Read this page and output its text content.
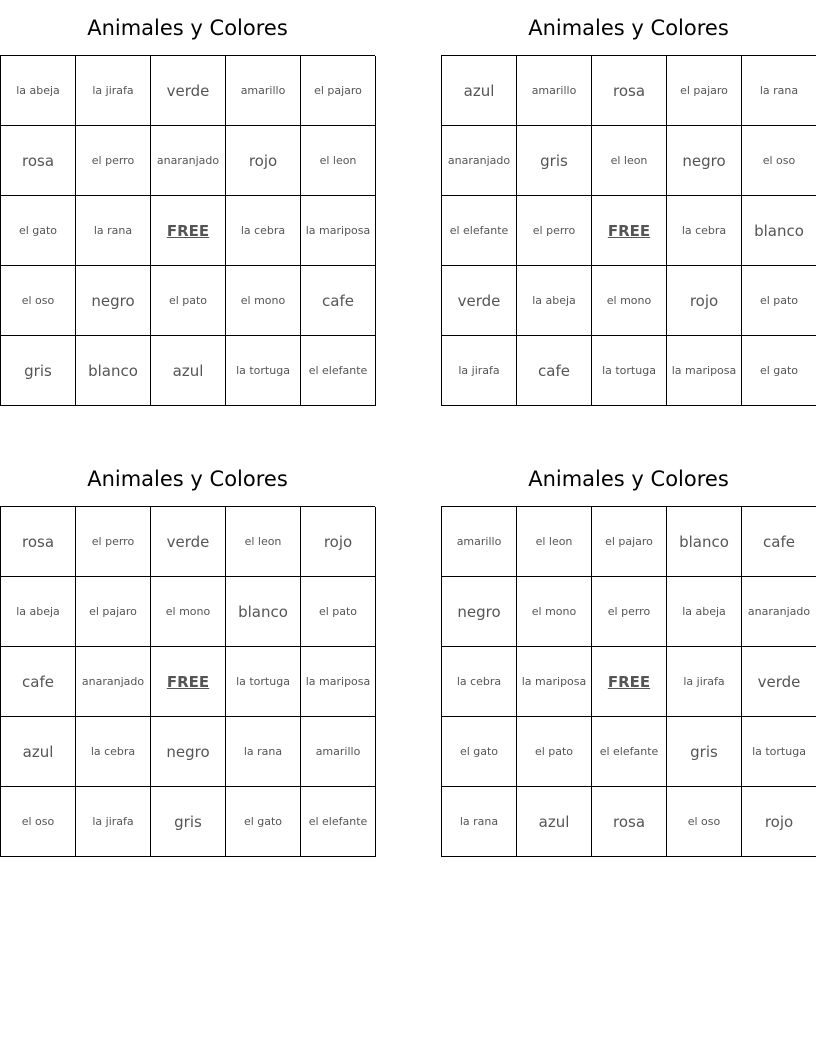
Animales y Colores
la abeja	la jirafa	verde	amarillo	el pajaro
rosa	el perro	anaranjado	rojo	el leon
el gato	la rana	FREE	la cebra	la mariposa
el oso	negro	el pato	el mono	cafe
gris	blanco	azul	la tortuga	el elefante
Animales y Colores
azul	amarillo	rosa	el pajaro	la rana
anaranjado	gris	el leon	negro	el oso
el elefante	el perro	FREE	la cebra	blanco
verde	la abeja	el mono	rojo	el pato
la jirafa	cafe	la tortuga	la mariposa	el gato
Animales y Colores
rosa	el perro	verde	el leon	rojo
la abeja	el pajaro	el mono	blanco	el pato
cafe	anaranjado	FREE	la tortuga	la mariposa
azul	la cebra	negro	la rana	amarillo
el oso	la jirafa	gris	el gato	el elefante
Animales y Colores
amarillo	el leon	el pajaro	blanco	cafe
negro	el mono	el perro	la abeja	anaranjado
la cebra	la mariposa	FREE	la jirafa	verde
el gato	el pato	el elefante	gris	la tortuga
la rana	azul	rosa	el oso	rojo
